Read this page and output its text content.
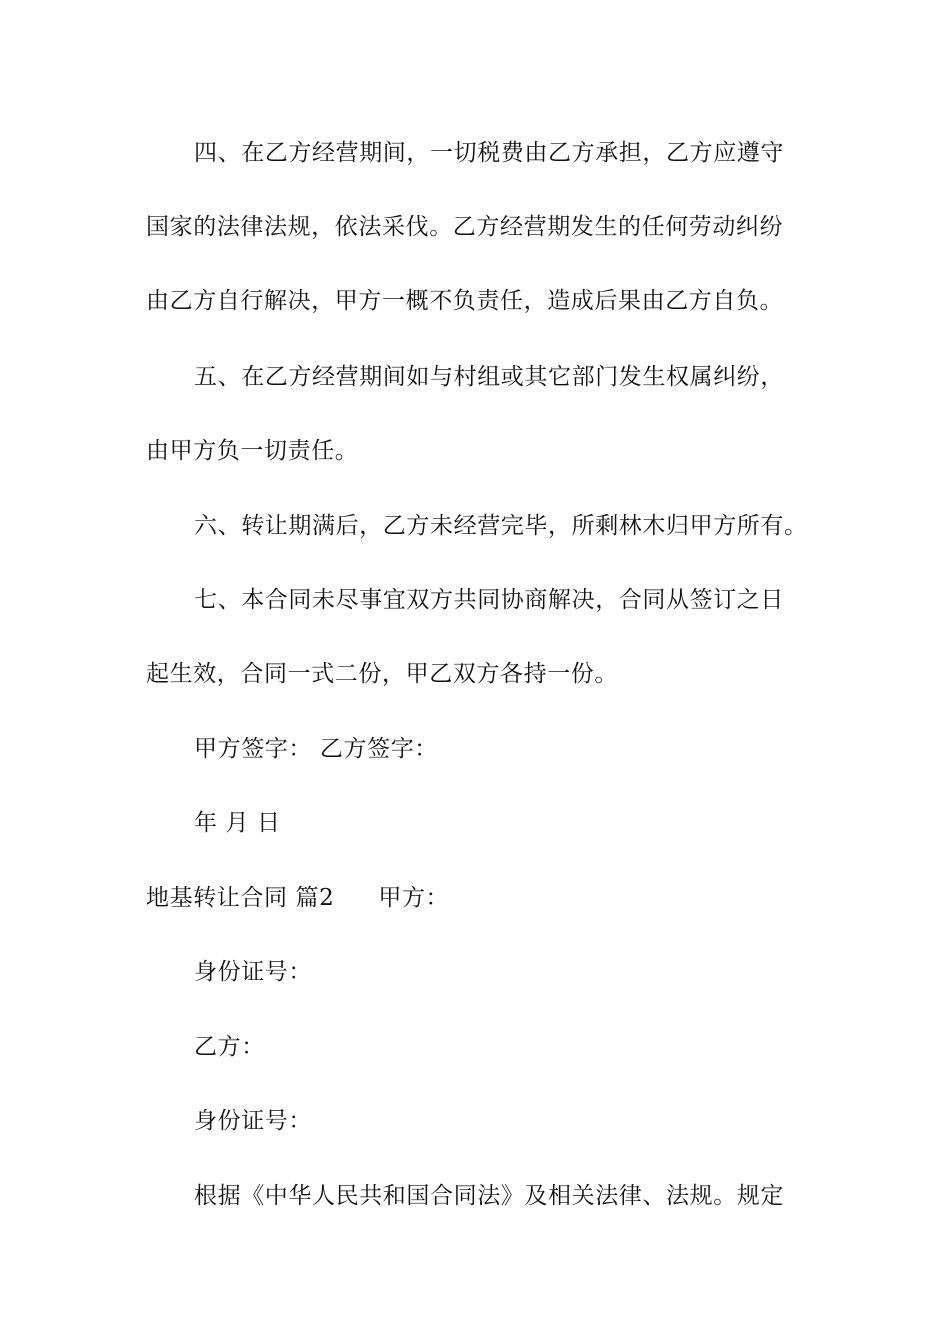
四、在乙方经营期间，一切税费由乙方承担，乙方应遵守
国家的法律法规，依法采伐。乙方经营期发生的任何劳动纠纷
由乙方自行解决，甲方一概不负责任，造成后果由乙方自负。
五、在乙方经营期间如与村组或其它部门发生权属纠纷，
由甲方负一切责任。
六、转让期满后，乙方未经营完毕，所剩林木归甲方所有。
七、本合同未尽事宜双方共同协商解决，合同从签订之日
起生效，合同一式二份，甲乙双方各持一份。
甲方签字： 乙方签字：
年 月 日
地基转让合同 篇2 甲方：
身份证号：
乙方：
身份证号：
根据《中华人民共和国合同法》及相关法律、法规。规定
